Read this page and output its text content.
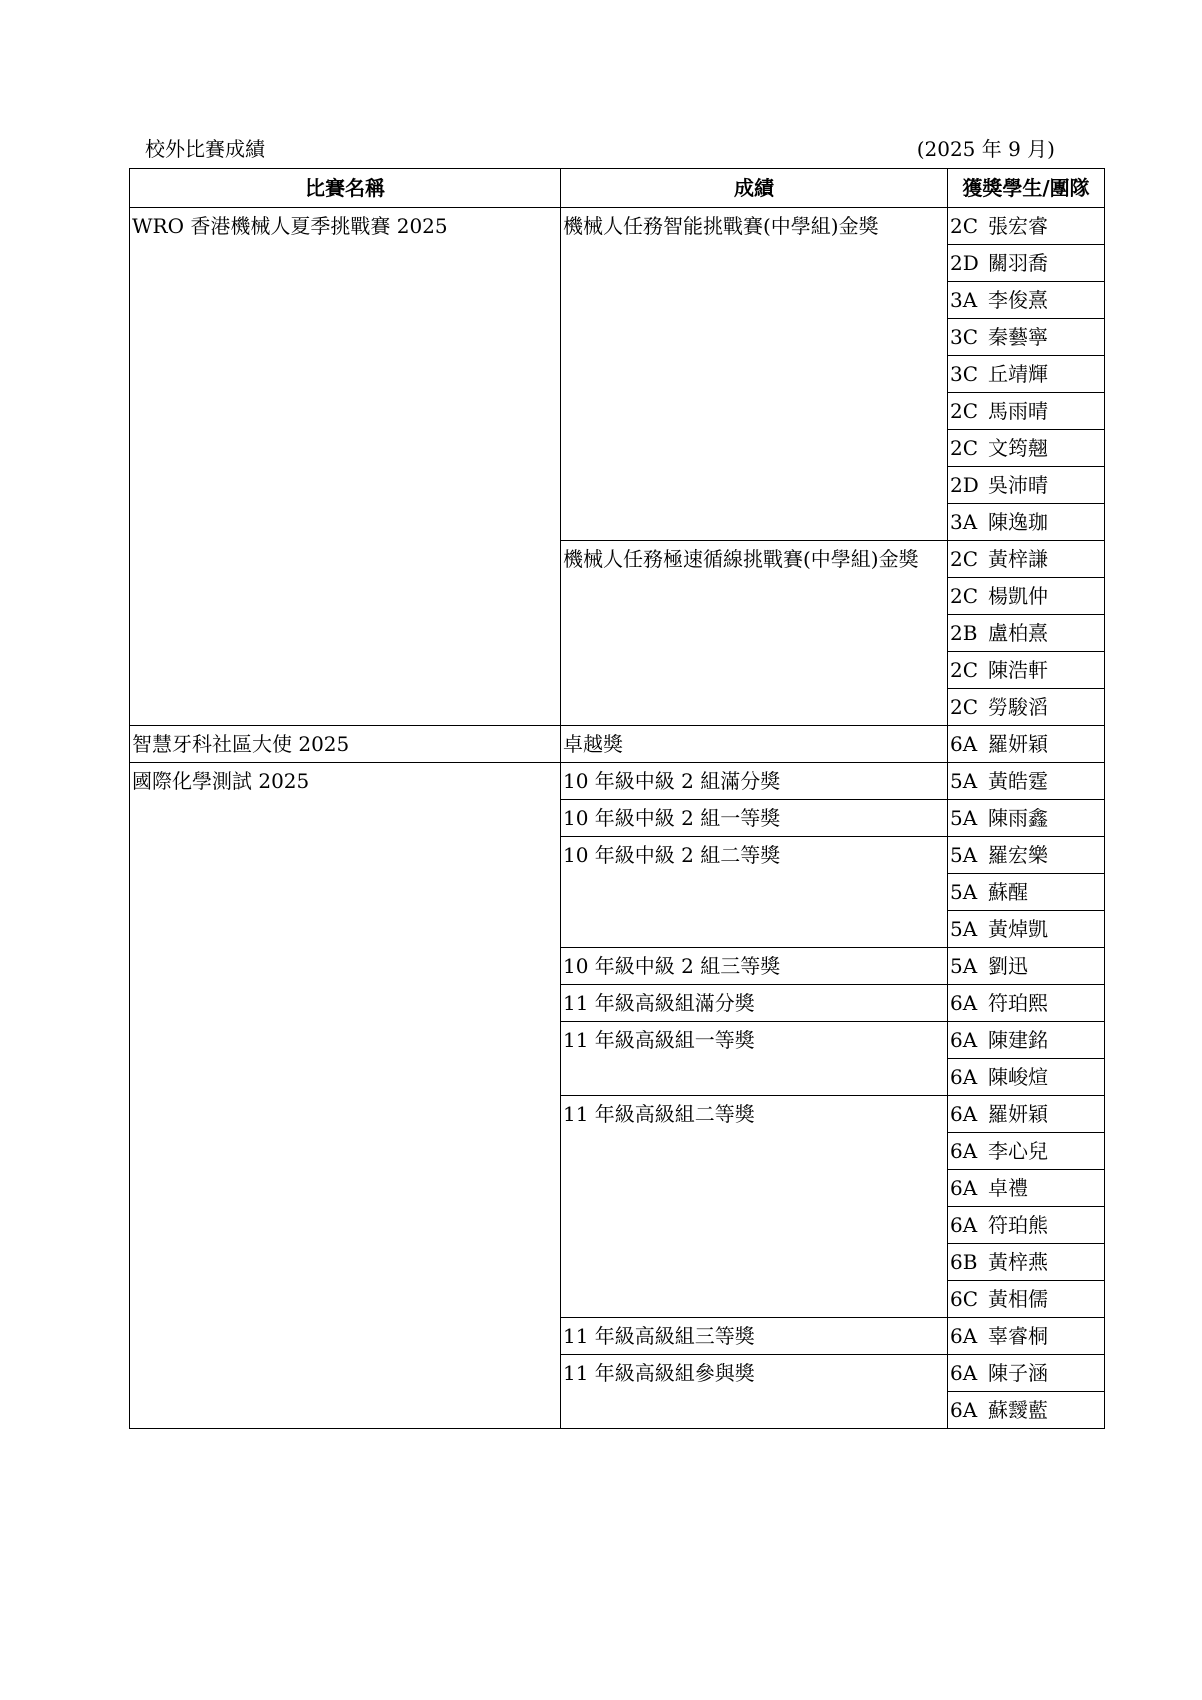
校外比賽成績	(2025 年 9 月)
比賽名稱	成績	獲獎學生/團隊
WRO 香港機械人夏季挑戰賽 2025	機械人任務智能挑戰賽(中學組)金獎	2C 張宏睿
		2D 關羽喬
		3A 李俊熹
		3C 秦藝寧
		3C 丘靖輝
		2C 馬雨晴
		2C 文筠翹
		2D 吳沛晴
		3A 陳逸珈
	機械人任務極速循線挑戰賽(中學組)金獎	2C 黃梓謙
		2C 楊凱仲
		2B 盧柏熹
		2C 陳浩軒
		2C 勞駿滔
智慧牙科社區大使 2025	卓越獎	6A 羅妍穎
國際化學測試 2025	10 年級中級 2 組滿分獎	5A 黃皓霆
	10 年級中級 2 組一等獎	5A 陳雨鑫
	10 年級中級 2 組二等獎	5A 羅宏樂
		5A 蘇醒
		5A 黃焯凱
	10 年級中級 2 組三等獎	5A 劉迅
	11 年級高級組滿分獎	6A 符珀熙
	11 年級高級組一等獎	6A 陳建銘
		6A 陳峻煊
	11 年級高級組二等獎	6A 羅妍穎
		6A 李心兒
		6A 卓禮
		6A 符珀熊
		6B 黃梓燕
		6C 黃相儒
	11 年級高級組三等獎	6A 辜睿桐
	11 年級高級組參與獎	6A 陳子涵
		6A 蘇靉藍
